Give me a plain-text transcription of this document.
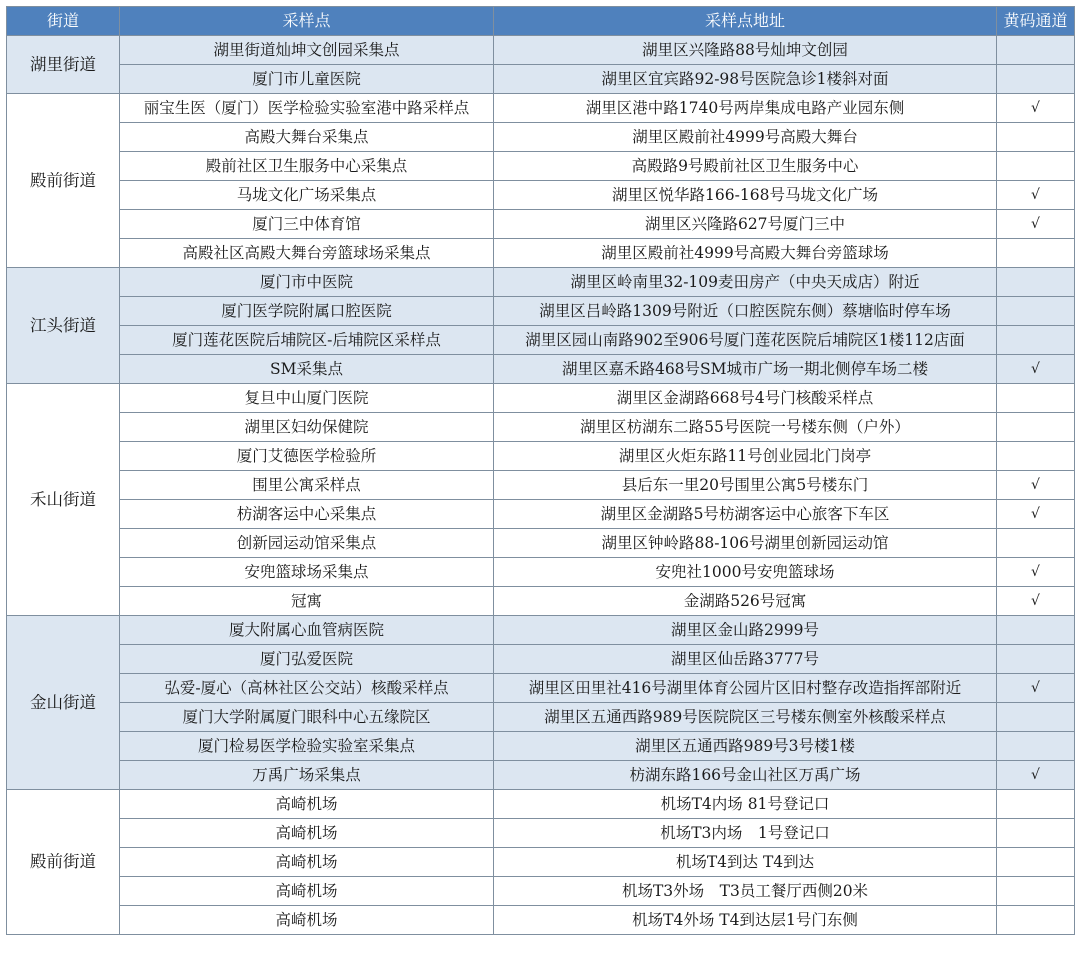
街道	采样点	采样点地址	黄码通道
湖里街道	湖里街道灿坤文创园采集点	湖里区兴隆路88号灿坤文创园	
	厦门市儿童医院	湖里区宜宾路92-98号医院急诊1楼斜对面	
殿前街道	丽宝生医（厦门）医学检验实验室港中路采样点	湖里区港中路1740号两岸集成电路产业园东侧	√
	高殿大舞台采集点	湖里区殿前社4999号高殿大舞台	
	殿前社区卫生服务中心采集点	高殿路9号殿前社区卫生服务中心	
	马垅文化广场采集点	湖里区悦华路166-168号马垅文化广场	√
	厦门三中体育馆	湖里区兴隆路627号厦门三中	√
	高殿社区高殿大舞台旁篮球场采集点	湖里区殿前社4999号高殿大舞台旁篮球场	
江头街道	厦门市中医院	湖里区岭南里32-109麦田房产（中央天成店）附近	
	厦门医学院附属口腔医院	湖里区吕岭路1309号附近（口腔医院东侧）蔡塘临时停车场	
	厦门莲花医院后埔院区-后埔院区采样点	湖里区园山南路902至906号厦门莲花医院后埔院区1楼112店面	
	SM采集点	湖里区嘉禾路468号SM城市广场一期北侧停车场二楼	√
禾山街道	复旦中山厦门医院	湖里区金湖路668号4号门核酸采样点	
	湖里区妇幼保健院	湖里区枋湖东二路55号医院一号楼东侧（户外）	
	厦门艾德医学检验所	湖里区火炬东路11号创业园北门岗亭	
	围里公寓采样点	县后东一里20号围里公寓5号楼东门	√
	枋湖客运中心采集点	湖里区金湖路5号枋湖客运中心旅客下车区	√
	创新园运动馆采集点	湖里区钟岭路88-106号湖里创新园运动馆	
	安兜篮球场采集点	安兜社1000号安兜篮球场	√
	冠寓	金湖路526号冠寓	√
金山街道	厦大附属心血管病医院	湖里区金山路2999号	
	厦门弘爱医院	湖里区仙岳路3777号	
	弘爱-厦心（高林社区公交站）核酸采样点	湖里区田里社416号湖里体育公园片区旧村整存改造指挥部附近	√
	厦门大学附属厦门眼科中心五缘院区	湖里区五通西路989号医院院区三号楼东侧室外核酸采样点	
	厦门检易医学检验实验室采集点	湖里区五通西路989号3号楼1楼	
	万禹广场采集点	枋湖东路166号金山社区万禹广场	√
殿前街道	高崎机场	机场T4内场 81号登记口	
	高崎机场	机场T3内场　1号登记口	
	高崎机场	机场T4到达 T4到达	
	高崎机场	机场T3外场　T3员工餐厅西侧20米	
	高崎机场	机场T4外场 T4到达层1号门东侧	
